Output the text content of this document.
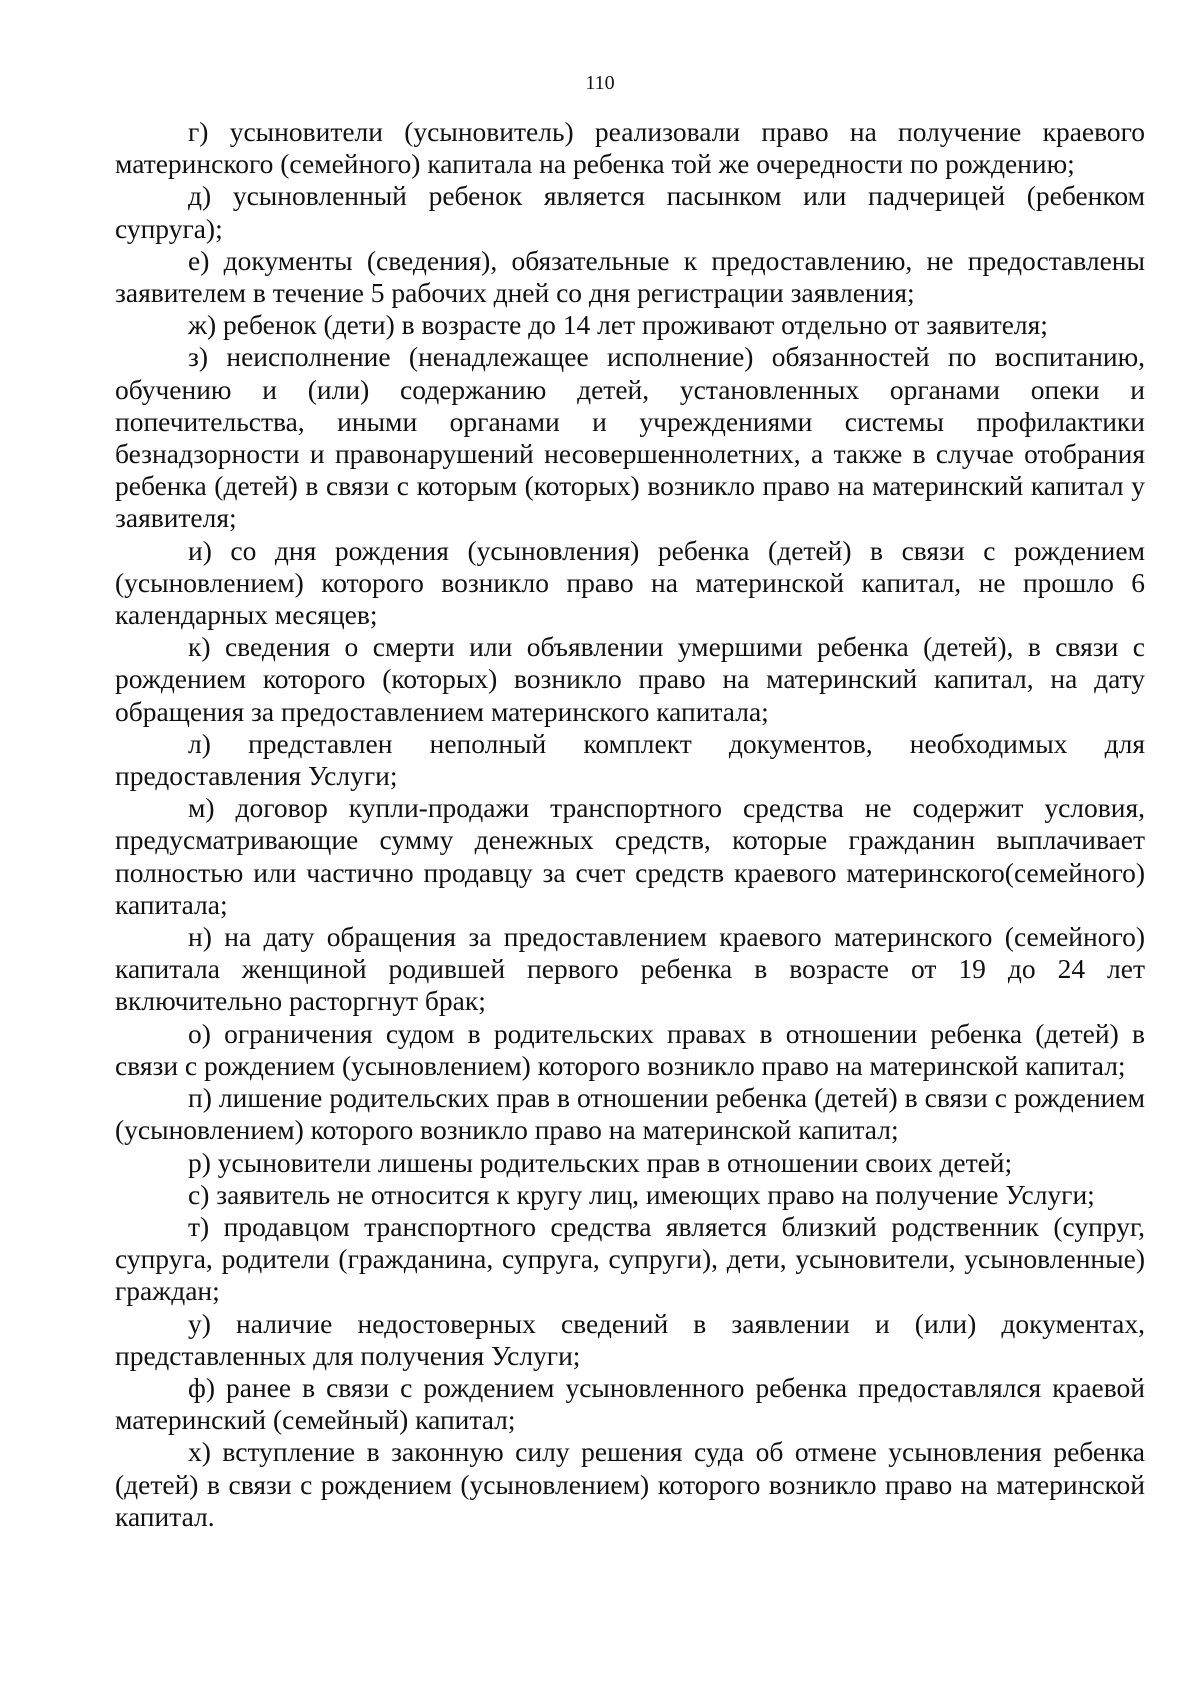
110

г) усыновители (усыновитель) реализовали право на получение краевого материнского (семейного) капитала на ребенка той же очередности по рождению;

д) усыновленный ребенок является пасынком или падчерицей (ребенком супруга);

е) документы (сведения), обязательные к предоставлению, не предоставлены заявителем в течение 5 рабочих дней со дня регистрации заявления;

ж) ребенок (дети) в возрасте до 14 лет проживают отдельно от заявителя;

з) неисполнение (ненадлежащее исполнение) обязанностей по воспитанию, обучению и (или) содержанию детей, установленных органами опеки и попечительства, иными органами и учреждениями системы профилактики безнадзорности и правонарушений несовершеннолетних, а также в случае отобрания ребенка (детей) в связи с которым (которых) возникло право на материнский капитал у заявителя;

и) со дня рождения (усыновления) ребенка (детей) в связи с рождением (усыновлением) которого возникло право на материнской капитал, не прошло 6 календарных месяцев;

к) сведения о смерти или объявлении умершими ребенка (детей), в связи с рождением которого (которых) возникло право на материнский капитал, на дату обращения за предоставлением материнского капитала;

л) представлен неполный комплект документов, необходимых для предоставления Услуги;

м) договор купли-продажи транспортного средства не содержит условия, предусматривающие сумму денежных средств, которые гражданин выплачивает полностью или частично продавцу за счет средств краевого материнского(семейного) капитала;

н) на дату обращения за предоставлением краевого материнского (семейного) капитала женщиной родившей первого ребенка в возрасте от 19 до 24 лет включительно расторгнут брак;

о) ограничения судом в родительских правах в отношении ребенка (детей) в связи с рождением (усыновлением) которого возникло право на материнской капитал;

п) лишение родительских прав в отношении ребенка (детей) в связи с рождением (усыновлением) которого возникло право на материнской капитал;

р) усыновители лишены родительских прав в отношении своих детей;

с) заявитель не относится к кругу лиц, имеющих право на получение Услуги;

т) продавцом транспортного средства является близкий родственник (супруг, супруга, родители (гражданина, супруга, супруги), дети, усыновители, усыновленные) граждан;

у) наличие недостоверных сведений в заявлении и (или) документах, представленных для получения Услуги;

ф) ранее в связи с рождением усыновленного ребенка предоставлялся краевой материнский (семейный) капитал;

х) вступление в законную силу решения суда об отмене усыновления ребенка (детей) в связи с рождением (усыновлением) которого возникло право на материнской капитал.
